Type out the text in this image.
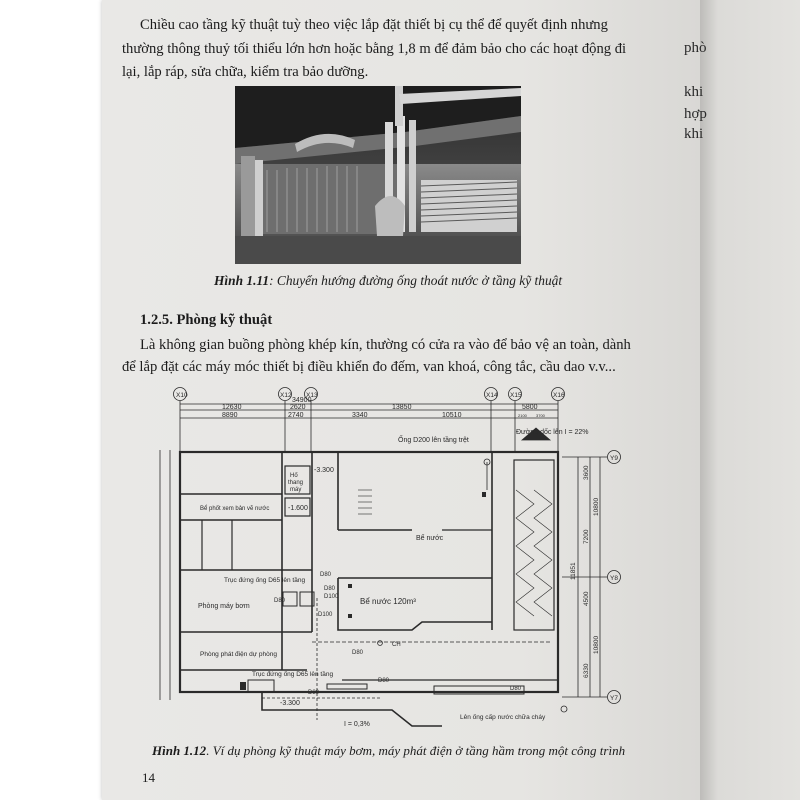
phò
khi
hợp
khi
Chiều cao tầng kỹ thuật tuỳ theo việc lắp đặt thiết bị cụ thể để quyết định nhưng
thường thông thuỷ tối thiểu lớn hơn hoặc bằng 1,8 m để đảm bảo cho các hoạt động đi
lại, lắp ráp, sửa chữa, kiểm tra bảo dưỡng.
Hình 1.11: Chuyển hướng đường ống thoát nước ở tầng kỹ thuật
1.2.5. Phòng kỹ thuật
Là không gian buồng phòng khép kín, thường có cửa ra vào để bảo vệ an toàn, dành
để lắp đặt các máy móc thiết bị điều khiển đo đếm, van khoá, công tắc, cầu dao v.v...
X10	X12 X13	X14 X15	X16
Y9
Y8
Y7
34900
12630	2620	13850	5800
8890	2740	3340	10510	2100 3700
3600
10800
7200
4500
6330
10800
11851
Ống D200 lên tầng trệt
Đường dốc lên I = 22%
Hố
thang
máy
-3.300
-1.600
-3.300
Bể phốt xem bản vẽ nước
Bể nước
Trục đứng ống D65 lên tầng
Trục đứng ống D65 lên tầng
Phòng máy bơm
Bể nước 120m³
Phòng phát điện dự phòng
Lên ống cấp nước chữa cháy
I = 0,3%
CH
D80
D80
D80
D100
D100
D80
D80
D80
D80
Hình 1.12. Ví dụ phòng kỹ thuật máy bơm, máy phát điện ở tầng hầm trong một công trình
14
